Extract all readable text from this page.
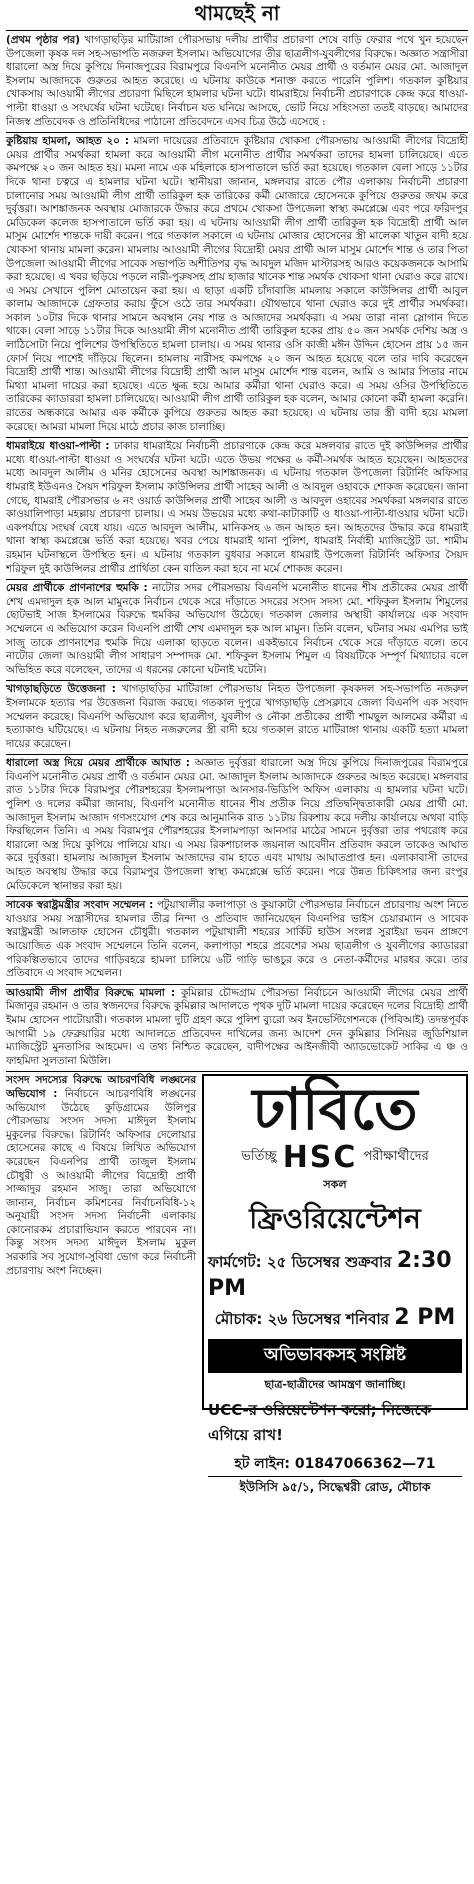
থামছেই না

(প্রথম পৃষ্ঠার পর) খাগড়াছড়ির মাটিরাঙ্গা পৌরসভায় দলীয় প্রার্থীর প্রচারণা শেষে বাড়ি ফেরার পথে খুন হয়েছেন উপজেলা কৃষক দল সহ-সভাপতি নজরুল ইসলাম। অভিযোগের তীর ছাত্রলীগ-যুবলীগের বিরুদ্ধে। অজ্ঞাত সন্ত্রাসীরা ধারালো অস্ত্র দিয়ে কুপিয়ে দিনাজপুরের বিরামপুরে বিএনপি মনোনীত মেয়র প্রার্থী ও বর্তমান মেয়র মো. আজাদুল ইসলাম আজাদকে গুরুতর আহত করেছে। এ ঘটনায় কাউকে শনাক্ত করতে পারেনি পুলিশ। গতকাল কুষ্টিয়ার খোকসায় আওয়ামী লীগের প্রচারণা মিছিলে হামলার ঘটনা ঘটে। ধামরাইয়ে নির্বাচনী প্রচারণাকে কেন্দ্র করে ধাওয়া-পাল্টা ধাওয়া ও সংঘর্ষের ঘটনা ঘটেছে। নির্বাচন যত ঘনিয়ে আসছে, ভোট নিয়ে সহিংসতা ততই বাড়ছে। আমাদের নিজস্ব প্রতিবেদক ও প্রতিনিধিদের পাঠানো প্রতিবেদনে এসব চিত্র উঠে এসেছে :

কুষ্টিয়ায় হামলা, আহত ২০ : মামলা দায়েরের প্রতিবাদে কুষ্টিয়ার খোকসা পৌরসভায় আওয়ামী লীগের বিদ্রোহী মেয়র প্রার্থীর সমর্থকরা হামলা করে আওয়ামী লীগ মনোনীত প্রার্থীর সমর্থকরা তাদের হামলা চালিয়েছে। এতে কমপক্ষে ২০ জন আহত হয়। মমনা নামে এক মহিলাকে হাসপাতালে ভর্তি করা হয়েছে। গতকাল বেলা সাড়ে ১১টার দিকে থানা চত্বরে এ হামলার ঘটনা ঘটে। স্থানীয়রা জানান, মঙ্গলবার রাতে পৌর এলাকায় নির্বাচনী প্রচারণা চালানোর সময় আওয়ামী লীগ প্রার্থী তারিকুল হক তারিকের কর্মী মোজারে হোসেনকে কুপিয়ে গুরুতর জখম করে দুর্বৃত্তরা। আশঙ্কাজনক অবস্থায় মোজারকে উদ্ধার করে প্রথমে খোকসা উপজেলা স্বাস্থ্য কমপ্লেক্সে এবং পরে ফরিদপুর মেডিকেল কলেজ হাসপাতালে ভর্তি করা হয়। এ ঘটনায় আওয়ামী লীগ প্রার্থী তারিকুল হক বিদ্রোহী প্রার্থী আল মাসুম মোর্শেদ শান্তকে দায়ী করেন। পরে গতকাল সকালে এ ঘটনায় মোজার হোসেনের স্ত্রী মালেকা খাতুন বাদী হয়ে খোকসা থানায় মামলা করেন। মামলায় আওয়ামী লীগের বিদ্রোহী মেয়র প্রার্থী আল মাসুম মোর্শেদ শান্ত ও তার পিতা উপজেলা আওয়ামী লীগের সাবেক সভাপতি অশীতিপর বৃদ্ধ আবদুল মজিদ মাস্টারসহ আরও কয়েকজনকে আসামি করা হয়েছে। এ খবর ছড়িয়ে পড়লে নারী-পুরুষসহ প্রায় হাজার খানেক শান্ত সমর্থক খোকসা থানা ঘেরাও করে রাখে। এ সময় সেখানে পুলিশ মোতায়েন করা হয়। এ ছাড়া একটি চাঁদাবাজি মামলায় সকালে কাউন্সিলর প্রার্থী আবুল কালাম আজাদকে গ্রেফতার করায় ফুঁসে ওঠে তার সমর্থকরা। যৌথভাবে থানা ঘেরাও করে দুই প্রার্থীর সমর্থকরা। সকাল ১০টার দিকে থানার সামনে অবস্থান নেয় শান্ত ও আজাদের সমর্থকরা। এ সময় তারা নানা স্লোগান দিতে থাকে। বেলা সাড়ে ১১টার দিকে আওয়ামী লীগ মনোনীত প্রার্থী তারিকুল হকের প্রায় ৫০ জন সমর্থক দেশিয় অস্ত্র ও লাঠিসোটা নিয়ে পুলিশের উপস্থিতিতে হামলা চালায়। এ সময় থানার ওসি কাজী মঈন উদ্দিন হোসেন প্রায় ১৫ জন ফোর্স নিয়ে পাশেই দাঁড়িয়ে ছিলেন। হামলায় নারীসহ কমপক্ষে ২০ জন আহত হয়েছে বলে তার দাবি করেছেন বিদ্রোহী প্রার্থী শান্ত। আওয়ামী লীগের বিদ্রোহী প্রার্থী আল মাসুম মোর্শেদ শান্ত বলেন, আমি ও আমার পিতার নামে মিথ্যা মামলা দায়ের করা হয়েছে। এতে ক্ষুব্ধ হয়ে আমার কর্মীরা থানা ঘেরাও করে। এ সময় ওসির উপস্থিতিতে তারিকের ক্যাডাররা হামলা চালিয়েছে। আওয়ামী লীগ প্রার্থী তারিকুল হক বলেন, আমার কোনো কর্মী হামলা করেনি। রাতের অন্ধকারে আমার এক কর্মীকে কুপিয়ে গুরুতর আহত করা হয়েছে। এ ঘটনায় তার স্ত্রী বাদী হয়ে মামলা করেছে। আমরা মামলা দিয়ে মাঠে প্রচার কাজ চালাচ্ছি।

ধামরাইয়ে ধাওয়া-পাল্টা : ঢাকার ধামরাইয়ে নির্বাচনী প্রচারণাকে কেন্দ্র করে মঙ্গলবার রাতে দুই কাউন্সিলর প্রার্থীর মধ্যে ধাওয়া-পাল্টা ধাওয়া ও সংঘর্ষের ঘটনা ঘটে। এতে উভয় পক্ষের ৬ কর্মী-সমর্থক আহত হয়েছেন। আহতদের মধ্যে আবদুল আলীম ও মনির হোসেনের অবস্থা আশঙ্কাজনক। এ ঘটনায় গতকাল উপজেলা রিটার্নিং অফিসার ধামরাই ইউএনও সৈয়দ শরিফুল ইসলাম কাউন্সিলর প্রার্থী সাহেব আলী ও আবদুল ওহাবকে শোকজ করেছেন। জানা গেছে, ধামরাই পৌরসভার ৬ নং ওয়ার্ড কাউন্সিলর প্রার্থী সাহেব আলী ও আবদুল ওহাবের সমর্থকরা মঙ্গলবার রাতে কাওয়ালিপাড়া মহল্লায় প্রচারণা চালায়। এ সময় উভয়ের মধ্যে কথা-কাটাকাটি ও ধাওয়া-পাল্টা-ধাওয়ার ঘটনা ঘটে। একপর্যায়ে সংঘর্ষ বেধে যায়। এতে আবদুল আলীম, মানিকসহ ৬ জন আহত হন। আহতদের উদ্ধার করে ধামরাই থানা স্বাস্থ্য কমপ্লেক্সে ভর্তি করা হয়েছে। খবর পেয়ে ধামরাই থানা পুলিশ, ধামরাই নির্বাহী ম্যাজিস্ট্রেট ডা. শামীম রহমান ঘটনাস্থলে উপস্থিত হন। এ ঘটনায় গতকাল বুধবার সকালে ধামরাই উপজেলা রিটার্নিং অফিসার সৈয়দ শরিফুল দুই কাউন্সিলর প্রার্থীর প্রার্থিতা কেন বাতিল করা হবে না মর্মে শোকজ করেন।

মেয়র প্রার্থীকে প্রাণনাশের হুমকি : নাটোর সদর পৌরসভায় বিএনপি মনোনীত ধানের শীষ প্রতীকের মেয়র প্রার্থী শেখ এমদাদুল হক আল মামুনকে নির্বাচন থেকে সরে দাঁড়াতে সদরের সংসদ সদস্য মো. শফিকুল ইসলাম শিমুলের ছোটভাই সাজ ইসলামের বিরুদ্ধে হুমকির অভিযোগ উঠেছে। গতকাল জেলার অস্থায়ী কার্যালয়ে এক সংবাদ সম্মেলনে এ অভিযোগ করেন বিএনপি প্রার্থী শেখ এমদাদুল হক আল মামুন। তিনি বলেন, ঘটনার সময় এমপির ভাই সাজু তাকে প্রাণনাশের হুমকি দিয়ে এলাকা ছাড়তে বলেন। একইভাবে নির্বাচন থেকে সরে দাঁড়াতে বলে। তবে নাটোর জেলা আওয়ামী লীগ সাধারণ সম্পাদক মো. শফিকুল ইসলাম শিমুল এ বিষয়টিকে সম্পূর্ণ মিথ্যাচার বলে অভিহিত করে বলেছেন, তাদের এ ধরনের কোনো ঘটনাই ঘটেনি।

খাগড়াছড়িতে উত্তেজনা : খাগড়াছড়ির মাটিরাঙ্গা পৌরসভায় নিহত উপজেলা কৃষকদল সহ-সভাপতি নজরুল ইসলামকে হত্যার পর উত্তেজনা বিরাজ করছে। গতকাল দুপুরে খাগড়াছড়ি প্রেসক্লাবে জেলা বিএনপি এক সংবাদ সম্মেলন করেছে। বিএনপি অভিযোগ করে ছাত্রলীগ, যুবলীগ ও নৌকা প্রতীকের প্রার্থী শামছুল আলমের কর্মীরা এ হত্যাকাণ্ড ঘটিয়েছে। এ ঘটনায় নিহত নজরুলের স্ত্রী বাদী হয়ে গতকাল রাতে মাটিরাঙ্গা থানায় একটি হত্যা মামলা দায়ের করেছেন।

ধারালো অস্ত্র দিয়ে মেয়র প্রার্থীকে আঘাত : অজ্ঞাত দুর্বৃত্তরা ধারালো অস্ত্র দিয়ে কুপিয়ে দিনাজপুরের বিরামপুরে বিএনপি মনোনীত মেয়র প্রার্থী ও বর্তমান মেয়র মো. আজাদুল ইসলাম আজাদকে গুরুতর আহত করেছে। মঙ্গলবার রাত ১১টার দিকে বিরামপুর পৌরশহরের ইসলামপাড়া আনসার-ভিডিপি অফিস এলাকায় এ হামলার ঘটনা ঘটে। পুলিশ ও দলের কর্মীরা জানায়, বিএনপি মনোনীত ধানের শীষ প্রতীক নিয়ে প্রতিদ্বন্দ্বিতাকারী মেয়র প্রার্থী মো. আজাদুল ইসলাম আজাদ গণসংযোগ শেষ করে আনুমানিক রাত ১১টায় রিকশায় করে দলীয় কার্যালয়ে অথবা বাড়ি ফিরছিলেন তিনি। এ সময় বিরামপুর পৌরশহরের ইসলামপাড়া আনসার মাঠের সামনে দুর্বৃত্তরা তার পথরোধ করে ধারালো অস্ত্র দিয়ে কুপিয়ে পালিয়ে যায়। এ সময় রিকশাচালক জয়নাল আবেদীন প্রতিবাদ করলে তাকেও আঘাত করে দুর্বৃত্তরা। হামলায় আজাদুল ইসলাম আজাদের বাম হাতে এবং মাথায় আঘাতপ্রাপ্ত হন। এলাকাবাসী তাদের আহত অবস্থায় উদ্ধার করে বিরামপুর উপজেলা স্বাস্থ্য কমপ্লেক্সে ভর্তি করেন। পরে উন্নত চিকিৎসার জন্য রংপুর মেডিকেলে স্থানান্তর করা হয়।

সাবেক স্বরাষ্ট্রমন্ত্রীর সংবাদ সম্মেলন : পটুয়াখালীর কলাপাড়া ও কুয়াকাটা পৌরসভার নির্বাচনে প্রচারণায় অংশ নিতে যাওয়ার সময় সন্ত্রাসীদের হামলার তীব্র নিন্দা ও প্রতিবাদ জানিয়েছেন বিএনপির ভাইস চেয়ারম্যান ও সাবেক স্বরাষ্ট্রমন্ত্রী আলতাফ হোসেন চৌধুরী। গতকাল পটুয়াখালী শহরের সার্কিট হাউস সংলগ্ন সুরাইয়া ভবন প্রাঙ্গণে আয়োজিত এক সংবাদ সম্মেলনে তিনি বলেন, কলাপাড়া শহরে প্রবেশের সময় ছাত্রলীগ ও যুবলীগের ক্যাডাররা পরিকল্পিতভাবে তাদের গাড়িবহরে হামলা চালিয়ে ৬টি গাড়ি ভাঙচুর করে ও নেতা-কর্মীদের মারধর করে। তার প্রতিবাদে এ সংবাদ সম্মেলন।

আওয়ামী লীগ প্রার্থীর বিরুদ্ধে মামলা : কুমিল্লার চৌদ্দগ্রাম পৌরসভা নির্বাচনে আওয়ামী লীগের মেয়র প্রার্থী মিজানুর রহমান ও তার স্বজনদের বিরুদ্ধে কুমিল্লার আদালতে পৃথক দুটি মামলা দায়ের করেছেন দলের বিদ্রোহী প্রার্থী ইমাম হোসেন পাটোয়ারী। গতকাল মামলা দুটি গ্রহণ করে পুলিশ ব্যুরো অব ইনভেস্টিগেশনকে (পিবিআই) তদন্তপূর্বক আগামী ১৯ ফেব্রুয়ারির মধ্যে আদালতে প্রতিবেদন দাখিলের জন্য আদেশ দেন কুমিল্লার সিনিয়র জুডিশিয়াল ম্যাজিস্ট্রেট মুনতাসির আহমেদ। এ তথ্য নিশ্চিত করেছেন, বাদীপক্ষের আইনজীবী অ্যাডভোকেট সাকির এ ঞ্চ ও ফাহমিদা সুলতানা মিউলি।

সংসদ সদস্যের বিরুদ্ধে আচরণবিধি লঙ্ঘনের অভিযোগ : নির্বাচনে আচরণবিধি লঙ্ঘনের অভিযোগ উঠেছে কুড়িগ্রামের উলিপুর পৌরসভায় সংসদ সদস্য মাঈদুল ইসলাম মুকুলের বিরুদ্ধে। রিটার্নিং অফিসার দেলোয়ার হোসেনের কাছে এ বিষয়ে লিখিত অভিযোগ করেছেন বিএনপির প্রার্থী তাজুল ইসলাম চৌধুরী ও আওয়ামী লীগের বিদ্রোহী প্রার্থী সাজ্জাদুর রহমান সাজু। তারা অভিযোগে জানান, নির্বাচন কমিশনের নির্বাচনবিধি-১২ অনুযায়ী সংসদ সদস্য নির্বাচনী এলাকায় কোনোরকম প্রচারাভিযান করতে পারবেন না। কিন্তু সংসদ সদস্য মাঈদুল ইসলাম মুকুল সরকারি সব সুযোগ-সুবিধা ভোগ করে নির্বাচনী প্রচারণায় অংশ নিচ্ছেন।

ঢাবিতে
ভর্তিচ্ছু HSC পরীক্ষার্থীদের
সকল
ফ্রিওরিয়েন্টেশন
ফার্মগেট: ২৫ ডিসেম্বর শুক্রবার 2:30 PM
মৌচাক: ২৬ ডিসেম্বর শনিবার 2 PM
অভিভাবকসহ সংশ্লিষ্ট
ছাত্র-ছাত্রীদের আমন্ত্রণ জানাচ্ছি।
UCC-র ওরিয়েন্টেশন করো; নিজেকে এগিয়ে রাখ!
হট লাইন: 01847066362—71
ইউসিসি ৯৫/১, সিদ্ধেশ্বরী রোড, মৌচাক
